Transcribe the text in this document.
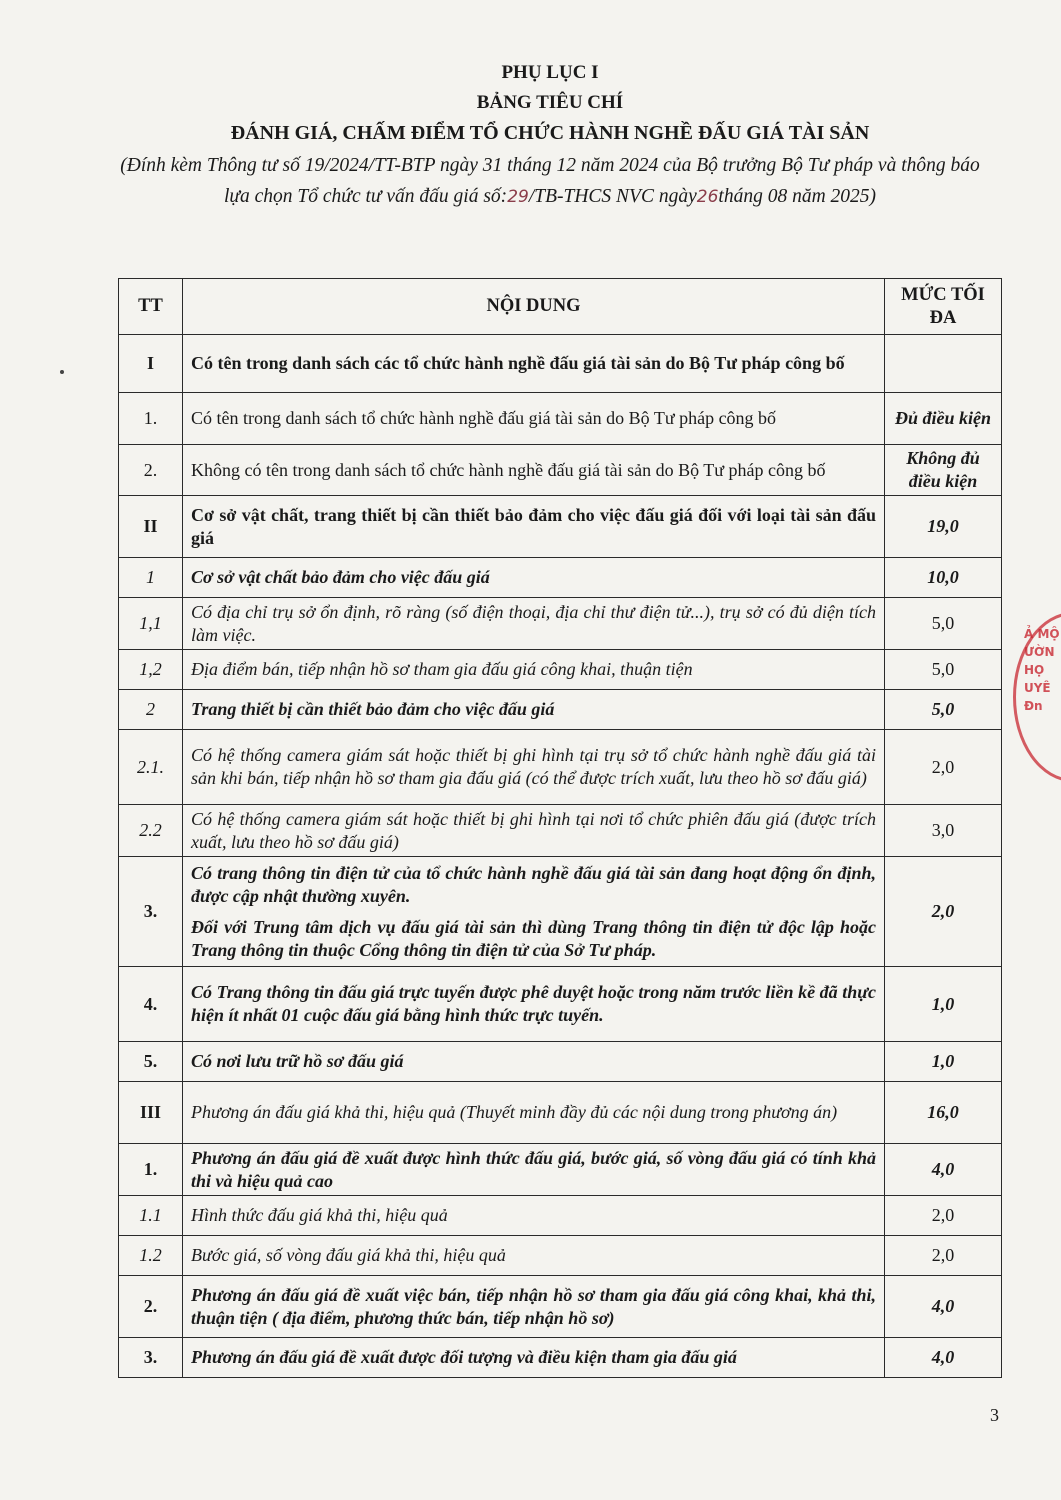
PHỤ LỤC I
BẢNG TIÊU CHÍ
ĐÁNH GIÁ, CHẤM ĐIỂM TỔ CHỨC HÀNH NGHỀ ĐẤU GIÁ TÀI SẢN
(Đính kèm Thông tư số 19/2024/TT-BTP ngày 31 tháng 12 năm 2024 của Bộ trưởng Bộ Tư pháp và thông báo lựa chọn Tổ chức tư vấn đấu giá số:29/TB-THCS NVC ngày26tháng 08 năm 2025)
TT	NỘI DUNG	MỨC TỐI ĐA
I	Có tên trong danh sách các tổ chức hành nghề đấu giá tài sản do Bộ Tư pháp công bố	

1.	Có tên trong danh sách tổ chức hành nghề đấu giá tài sản do Bộ Tư pháp công bố	Đủ điều kiện
2.	Không có tên trong danh sách tổ chức hành nghề đấu giá tài sản do Bộ Tư pháp công bố	Không đủ điều kiện
II	Cơ sở vật chất, trang thiết bị cần thiết bảo đảm cho việc đấu giá đối với loại tài sản đấu giá	19,0
1	Cơ sở vật chất bảo đảm cho việc đấu giá	10,0
1,1	Có địa chỉ trụ sở ổn định, rõ ràng (số điện thoại, địa chỉ thư điện tử...), trụ sở có đủ diện tích làm việc.	5,0
1,2	Địa điểm bán, tiếp nhận hồ sơ tham gia đấu giá công khai, thuận tiện	5,0
2	Trang thiết bị cần thiết bảo đảm cho việc đấu giá	5,0
2.1.	Có hệ thống camera giám sát hoặc thiết bị ghi hình tại trụ sở tổ chức hành nghề đấu giá tài sản khi bán, tiếp nhận hồ sơ tham gia đấu giá (có thể được trích xuất, lưu theo hồ sơ đấu giá)	2,0
2.2	Có hệ thống camera giám sát hoặc thiết bị ghi hình tại nơi tổ chức phiên đấu giá (được trích xuất, lưu theo hồ sơ đấu giá)	3,0
3.	Có trang thông tin điện tử của tổ chức hành nghề đấu giá tài sản đang hoạt động ổn định, được cập nhật thường xuyên.
Đối với Trung tâm dịch vụ đấu giá tài sản thì dùng Trang thông tin điện tử độc lập hoặc Trang thông tin thuộc Cổng thông tin điện tử của Sở Tư pháp.	2,0
4.	Có Trang thông tin đấu giá trực tuyến được phê duyệt hoặc trong năm trước liền kề đã thực hiện ít nhất 01 cuộc đấu giá bằng hình thức trực tuyến.	1,0
5.	Có nơi lưu trữ hồ sơ đấu giá	1,0
III	Phương án đấu giá khả thi, hiệu quả (Thuyết minh đầy đủ các nội dung trong phương án)	16,0
1.	Phương án đấu giá đề xuất được hình thức đấu giá, bước giá, số vòng đấu giá có tính khả thi và hiệu quả cao	4,0
1.1	Hình thức đấu giá khả thi, hiệu quả	2,0
1.2	Bước giá, số vòng đấu giá khả thi, hiệu quả	2,0
2.	Phương án đấu giá đề xuất việc bán, tiếp nhận hồ sơ tham gia đấu giá công khai, khả thi, thuận tiện ( địa điểm, phương thức bán, tiếp nhận hồ sơ)	4,0
3.	Phương án đấu giá đề xuất được đối tượng và điều kiện tham gia đấu giá	4,0
Ả MỘ
ƯỜN
HỌ
UYÊ
Đn
3
